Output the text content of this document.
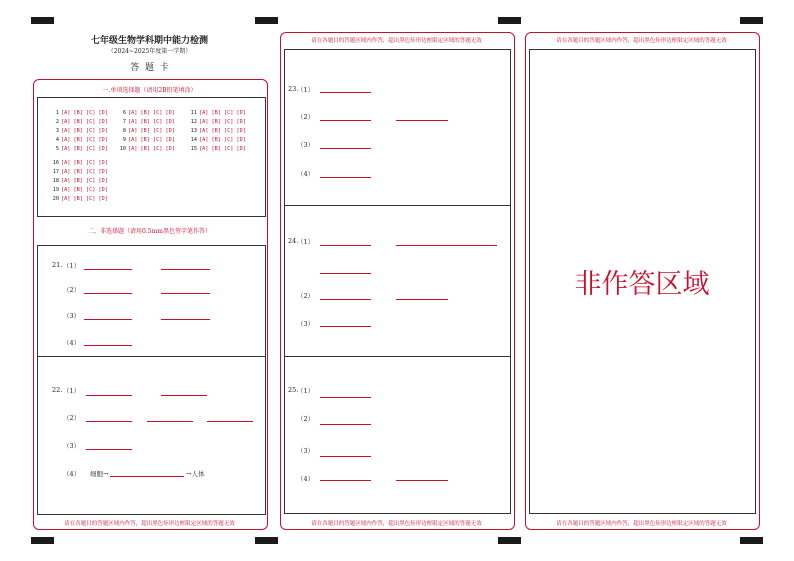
七年级生物学科期中能力检测
（2024~2025年度第一学期）
答  题  卡
一.单项选择题（请用2B铅笔填涂）
1 [A] [B] [C] [D]
2 [A] [B] [C] [D]
3 [A] [B] [C] [D]
4 [A] [B] [C] [D]
5 [A] [B] [C] [D]
16 [A] [B] [C] [D]
17 [A] [B] [C] [D]
18 [A] [B] [C] [D]
19 [A] [B] [C] [D]
20 [A] [B] [C] [D]
6 [A] [B] [C] [D]
7 [A] [B] [C] [D]
8 [A] [B] [C] [D]
9 [A] [B] [C] [D]
10 [A] [B] [C] [D]
11 [A] [B] [C] [D]
12 [A] [B] [C] [D]
13 [A] [B] [C] [D]
14 [A] [B] [C] [D]
15 [A] [B] [C] [D]
二、非选择题（请用0.5mm黑色签字笔作答）
21. （1）
（2）
（3）
（4）
22. （1）
（2）
（3）
（4） 细胞→	→人体
请在各题目的答题区域内作答，超出黑色矩形边框限定区域的答题无效
请在各题目的答题区域内作答，超出黑色矩形边框限定区域的答题无效
23.
（1）
（2）
（3）
（4）
24.
（1）
（2）
（3）
25.
（1）
（2）
（3）
（4）
请在各题目的答题区域内作答，超出黑色矩形边框限定区域的答题无效
请在各题目的答题区域内作答，超出黑色矩形边框限定区域的答题无效
非作答区域
请在各题目的答题区域内作答，超出黑色矩形边框限定区域的答题无效
